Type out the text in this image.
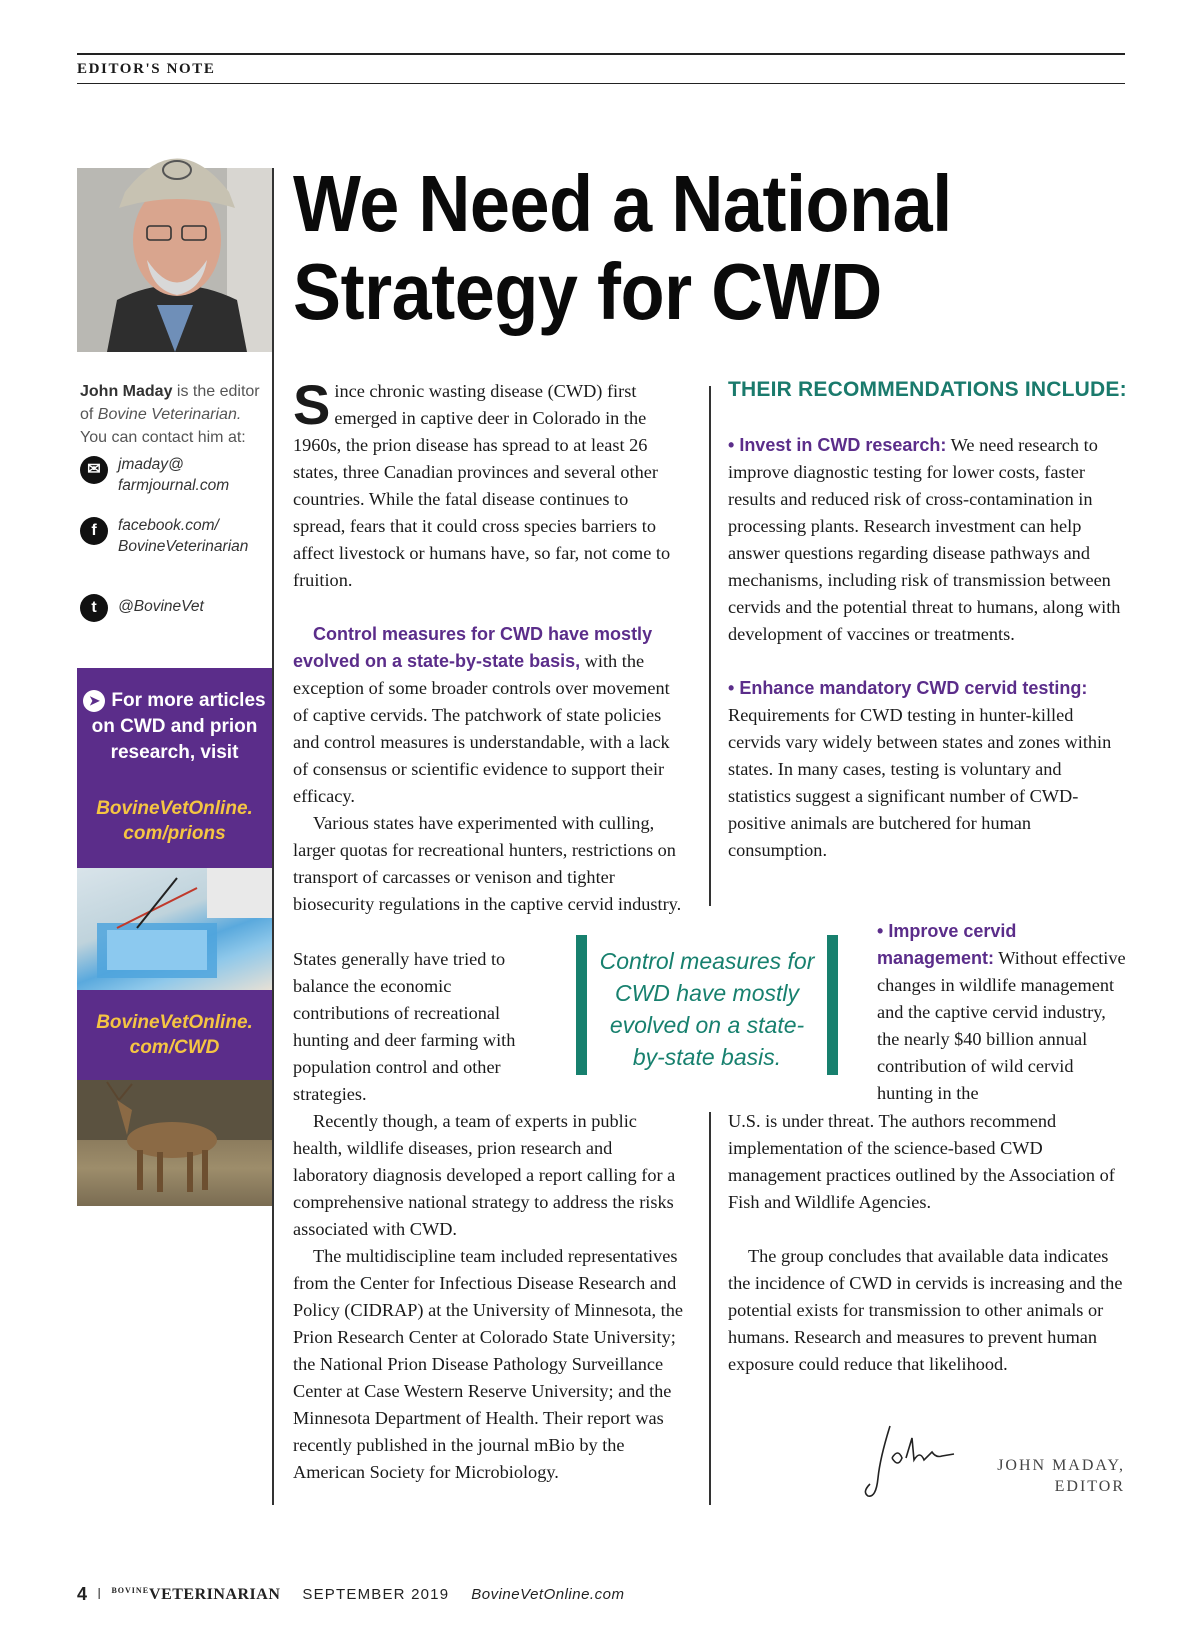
EDITOR'S NOTE
We Need a National Strategy for CWD
John Maday is the editor of Bovine Veterinarian.
You can contact him at:
✉	jmaday@
farmjournal.com
f	facebook.com/
BovineVeterinarian
t	@BovineVet
➤ For more articles on CWD and prion research, visit
BovineVetOnline.
com/prions
BovineVetOnline.
com/CWD

Since chronic wasting disease (CWD) first emerged in captive deer in Colorado in the 1960s, the prion disease has spread to at least 26 states, three Canadian provinces and several other countries. While the fatal disease continues to spread, fears that it could cross species barriers to affect livestock or humans have, so far, not come to fruition.

Control measures for CWD have mostly evolved on a state-by-state basis, with the exception of some broader controls over movement of captive cervids. The patchwork of state policies and control measures is understandable, with a lack of consensus or scientific evidence to support their efficacy.

Various states have experimented with culling, larger quotas for recreational hunters, restrictions on transport of carcasses or venison and tighter biosecurity regulations in the captive cervid industry.

States generally have tried to balance the economic contributions of recreational hunting and deer farming with population control and other strategies.

Recently though, a team of experts in public health, wildlife diseases, prion research and laboratory diagnosis developed a report calling for a comprehensive national strategy to address the risks associated with CWD.

The multidiscipline team included representatives from the Center for Infectious Disease Research and Policy (CIDRAP) at the University of Minnesota, the Prion Research Center at Colorado State University; the National Prion Disease Pathology Surveillance Center at Case Western Reserve University; and the Minnesota Department of Health. Their report was recently published in the journal mBio by the American Society for Microbiology.

THEIR RECOMMENDATIONS INCLUDE:

• Invest in CWD research: We need research to improve diagnostic testing for lower costs, faster results and reduced risk of cross-contamination in processing plants. Research investment can help answer questions regarding disease pathways and mechanisms, including risk of transmission between cervids and the potential threat to humans, along with development of vaccines or treatments.

• Enhance mandatory CWD cervid testing: Requirements for CWD testing in hunter-killed cervids vary widely between states and zones within states. In many cases, testing is voluntary and statistics suggest a significant number of CWD-positive animals are butchered for human consumption.

• Improve cervid management: Without effective changes in wildlife management and the captive cervid industry, the nearly $40 billion annual contribution of wild cervid hunting in the

U.S. is under threat. The authors recommend implementation of the science-based CWD management practices outlined by the Association of Fish and Wildlife Agencies.

The group concludes that available data indicates the incidence of CWD in cervids is increasing and the potential exists for transmission to other animals or humans. Research and measures to prevent human exposure could reduce that likelihood.

Control measures for CWD have mostly evolved on a state-by-state basis.
JOHN MADAY,
EDITOR
4 I $^{BOVINE}$VETERINARIAN SEPTEMBER 2019 BovineVetOnline.com
